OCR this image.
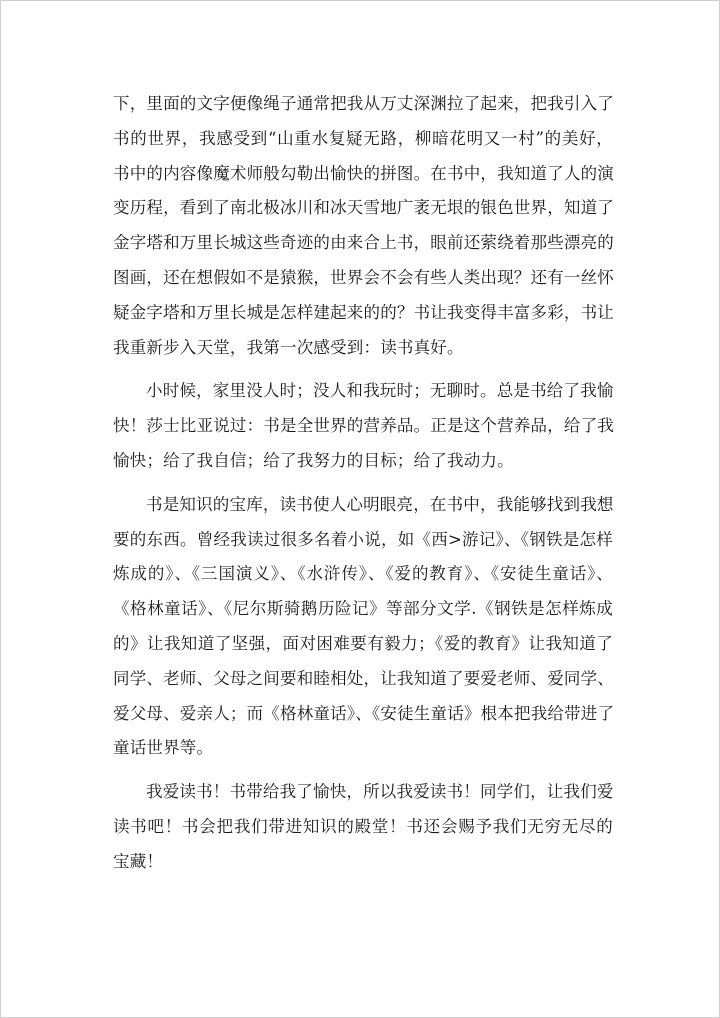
下，里面的文字便像绳子通常把我从万丈深渊拉了起来，把我引入了
书的世界，我感受到“山重水复疑无路，柳暗花明又一村”的美好，
书中的内容像魔术师般勾勒出愉快的拼图。在书中，我知道了人的演
变历程，看到了南北极冰川和冰天雪地广袤无垠的银色世界，知道了
金字塔和万里长城这些奇迹的由来合上书，眼前还萦绕着那些漂亮的
图画，还在想假如不是猿猴，世界会不会有些人类出现？还有一丝怀
疑金字塔和万里长城是怎样建起来的的？书让我变得丰富多彩，书让
我重新步入天堂，我第一次感受到：读书真好。
小时候，家里没人时；没人和我玩时；无聊时。总是书给了我愉
快！莎士比亚说过：书是全世界的营养品。正是这个营养品，给了我
愉快；给了我自信；给了我努力的目标；给了我动力。
书是知识的宝库，读书使人心明眼亮，在书中，我能够找到我想
要的东西。曾经我读过很多名着小说，如《西>游记》、《钢铁是怎样
炼成的》、《三国演义》、《水浒传》、《爱的教育》、《安徒生童话》、
《格林童话》、《尼尔斯骑鹅历险记》等部分文学.《钢铁是怎样炼成
的》让我知道了坚强，面对困难要有毅力；《爱的教育》让我知道了
同学、老师、父母之间要和睦相处，让我知道了要爱老师、爱同学、
爱父母、爱亲人；而《格林童话》、《安徒生童话》根本把我给带进了
童话世界等。
我爱读书！书带给我了愉快，所以我爱读书！同学们，让我们爱
读书吧！书会把我们带进知识的殿堂！书还会赐予我们无穷无尽的
宝藏！
